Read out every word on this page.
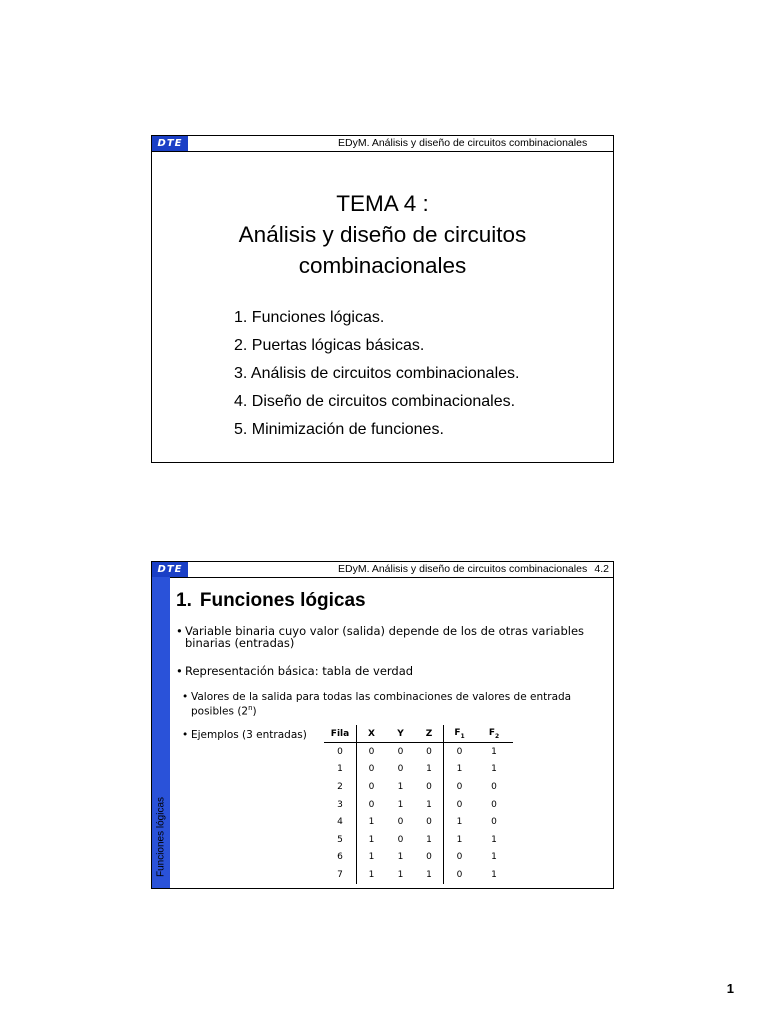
DTE	EDyM. Análisis y diseño de circuitos combinacionales
TEMA 4 :
Análisis y diseño de circuitos
combinacionales
1. Funciones lógicas.
2. Puertas lógicas básicas.
3. Análisis de circuitos combinacionales.
4. Diseño de circuitos combinacionales.
5. Minimización de funciones.
DTE	EDyM. Análisis y diseño de circuitos combinacionales 4.2
Funciones lógicas
1. Funciones lógicas
• Variable binaria cuyo valor (salida) depende de los de otras variables binarias (entradas)
• Representación básica: tabla de verdad
• Valores de la salida para todas las combinaciones de valores de entrada posibles (2$^n$)
• Ejemplos (3 entradas)	Fila	X	Y	Z	$F_1$	$F_2$
0	0	0	0	0	1
1	0	0	1	1	1
2	0	1	0	0	0
3	0	1	1	0	0
4	1	0	0	1	0
5	1	0	1	1	1
6	1	1	0	0	1
7	1	1	1	0	1
1
